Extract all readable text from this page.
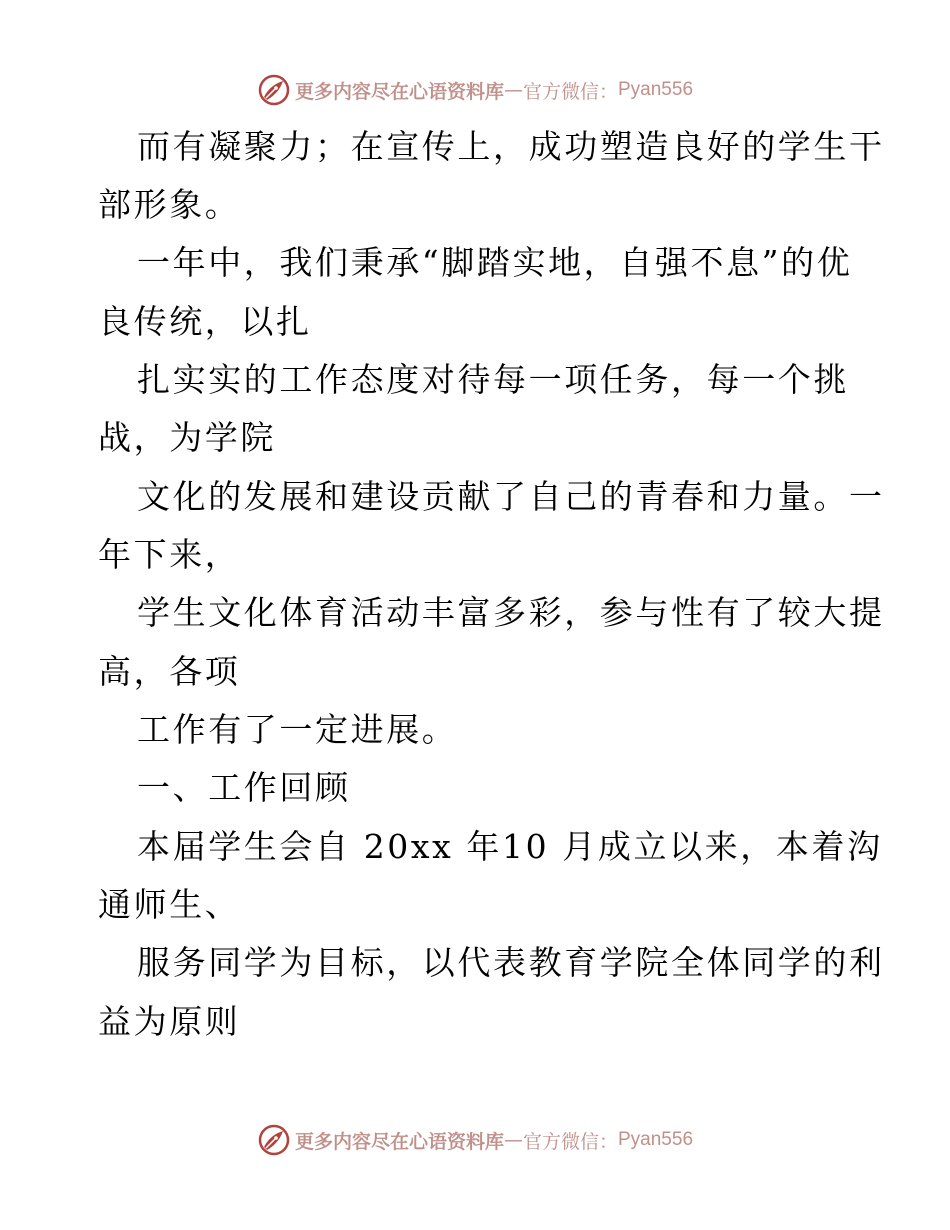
更多内容尽在心语资料库 — 官方微信： Pyan556
而有凝聚力；在宣传上，成功塑造良好的学生干
部形象。
一年中，我们秉承“脚踏实地，自强不息”的优
良传统，以扎
扎实实的工作态度对待每一项任务，每一个挑
战，为学院
文化的发展和建设贡献了自己的青春和力量。一
年下来，
学生文化体育活动丰富多彩，参与性有了较大提
高，各项
工作有了一定进展。
一、工作回顾
本届学生会自 20xx 年10 月成立以来，本着沟
通师生、
服务同学为目标，以代表教育学院全体同学的利
益为原则
更多内容尽在心语资料库 — 官方微信： Pyan556
